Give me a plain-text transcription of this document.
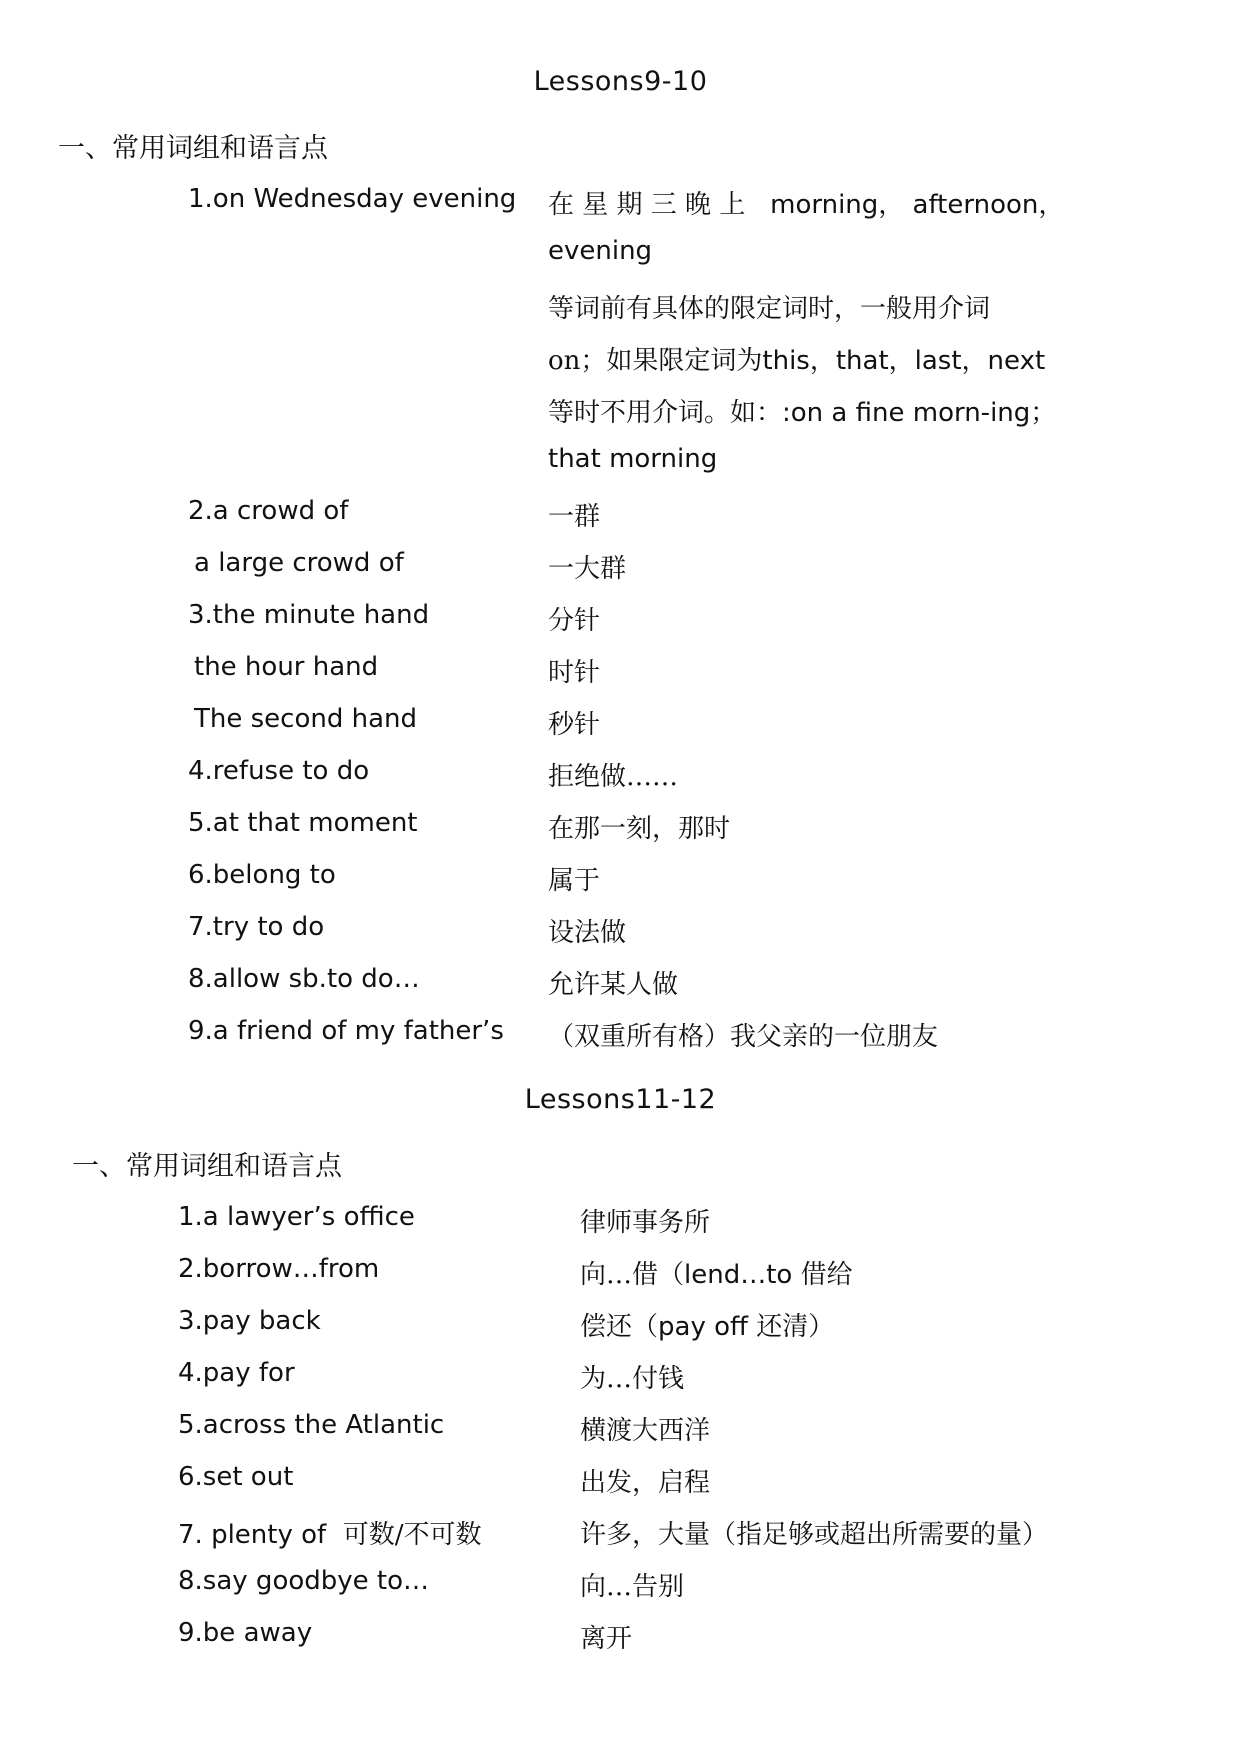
Lessons9-10
一、常用词组和语言点
1.on Wednesday evening 在 星 期 三 晚 上 morning， afternoon，
evening
等词前有具体的限定词时，一般用介词
on；如果限定词为this，that，last，next
等时不用介词。如：:on a fine morn-ing；
that morning
2.a crowd of	一群
a large crowd of	一大群
3.the minute hand	分针
the hour hand	时针
The second hand	秒针
4.refuse to do	拒绝做……
5.at that moment	在那一刻，那时
6.belong to	属于
7.try to do	设法做
8.allow sb.to do…	允许某人做
9.a friend of my father’s （双重所有格）我父亲的一位朋友
Lessons11-12
一、常用词组和语言点
1.a lawyer’s office	律师事务所
2.borrow…from	向…借（lend…to 借给
3.pay back	偿还（pay off 还清）
4.pay for	为…付钱
5.across the Atlantic	横渡大西洋
6.set out	出发，启程
7. plenty of 可数/不可数	许多，大量（指足够或超出所需要的量）
8.say goodbye to…	向…告别
9.be away	离开
